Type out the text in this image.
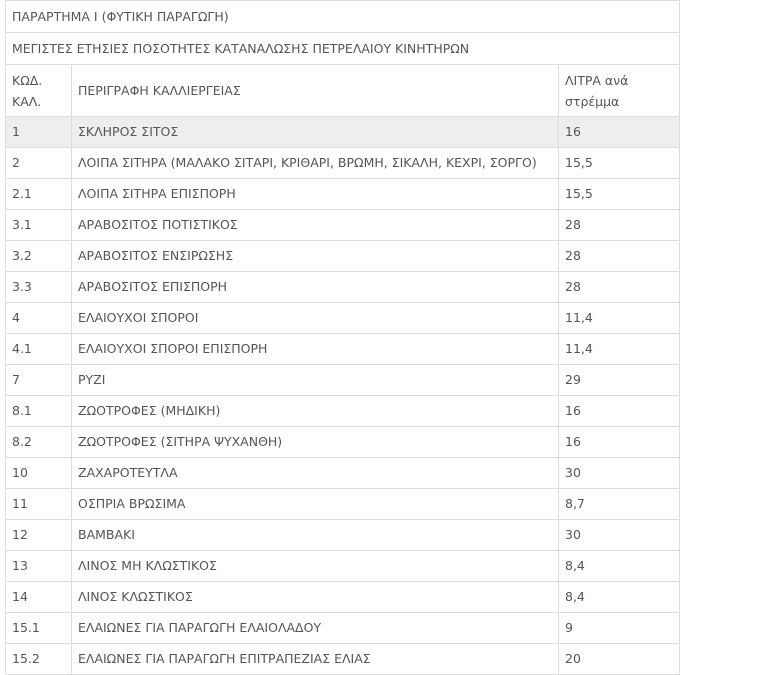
ΠΑΡΑΡΤΗΜΑ Ι (ΦΥΤΙΚΗ ΠΑΡΑΓΩΓΗ)		
ΜΕΓΙΣΤΕΣ ΕΤΗΣΙΕΣ ΠΟΣΟΤΗΤΕΣ ΚΑΤΑΝΑΛΩΣΗΣ ΠΕΤΡΕΛΑΙΟΥ ΚΙΝΗΤΗΡΩΝ		
ΚΩΔ.
ΚΑΛ.	ΠΕΡΙΓΡΑΦΗ ΚΑΛΛΙΕΡΓΕΙΑΣ	ΛΙΤΡΑ ανά
στρέμμα
1	ΣΚΛΗΡΟΣ ΣΙΤΟΣ	16
2	ΛΟΙΠΑ ΣΙΤΗΡΑ (ΜΑΛΑΚΟ ΣΙΤΑΡΙ, ΚΡΙΘΑΡΙ, ΒΡΩΜΗ, ΣΙΚΑΛΗ, ΚΕΧΡΙ, ΣΟΡΓΟ)	15,5
2.1	ΛΟΙΠΑ ΣΙΤΗΡΑ ΕΠΙΣΠΟΡΗ	15,5
3.1	ΑΡΑΒΟΣΙΤΟΣ ΠΟΤΙΣΤΙΚΟΣ	28
3.2	ΑΡΑΒΟΣΙΤΟΣ ΕΝΣΙΡΩΣΗΣ	28
3.3	ΑΡΑΒΟΣΙΤΟΣ ΕΠΙΣΠΟΡΗ	28
4	ΕΛΑΙΟΥΧΟΙ ΣΠΟΡΟΙ	11,4
4.1	ΕΛΑΙΟΥΧΟΙ ΣΠΟΡΟΙ ΕΠΙΣΠΟΡΗ	11,4
7	ΡΥΖΙ	29
8.1	ΖΩΟΤΡΟΦΕΣ (ΜΗΔΙΚΗ)	16
8.2	ΖΩΟΤΡΟΦΕΣ (ΣΙΤΗΡΑ ΨΥΧΑΝΘΗ)	16
10	ΖΑΧΑΡΟΤΕΥΤΛΑ	30
11	ΟΣΠΡΙΑ ΒΡΩΣΙΜΑ	8,7
12	ΒΑΜΒΑΚΙ	30
13	ΛΙΝΟΣ ΜΗ ΚΛΩΣΤΙΚΟΣ	8,4
14	ΛΙΝΟΣ ΚΛΩΣΤΙΚΟΣ	8,4
15.1	ΕΛΑΙΩΝΕΣ ΓΙΑ ΠΑΡΑΓΩΓΗ ΕΛΑΙΟΛΑΔΟΥ	9
15.2	ΕΛΑΙΩΝΕΣ ΓΙΑ ΠΑΡΑΓΩΓΗ ΕΠΙΤΡΑΠΕΖΙΑΣ ΕΛΙΑΣ	20
